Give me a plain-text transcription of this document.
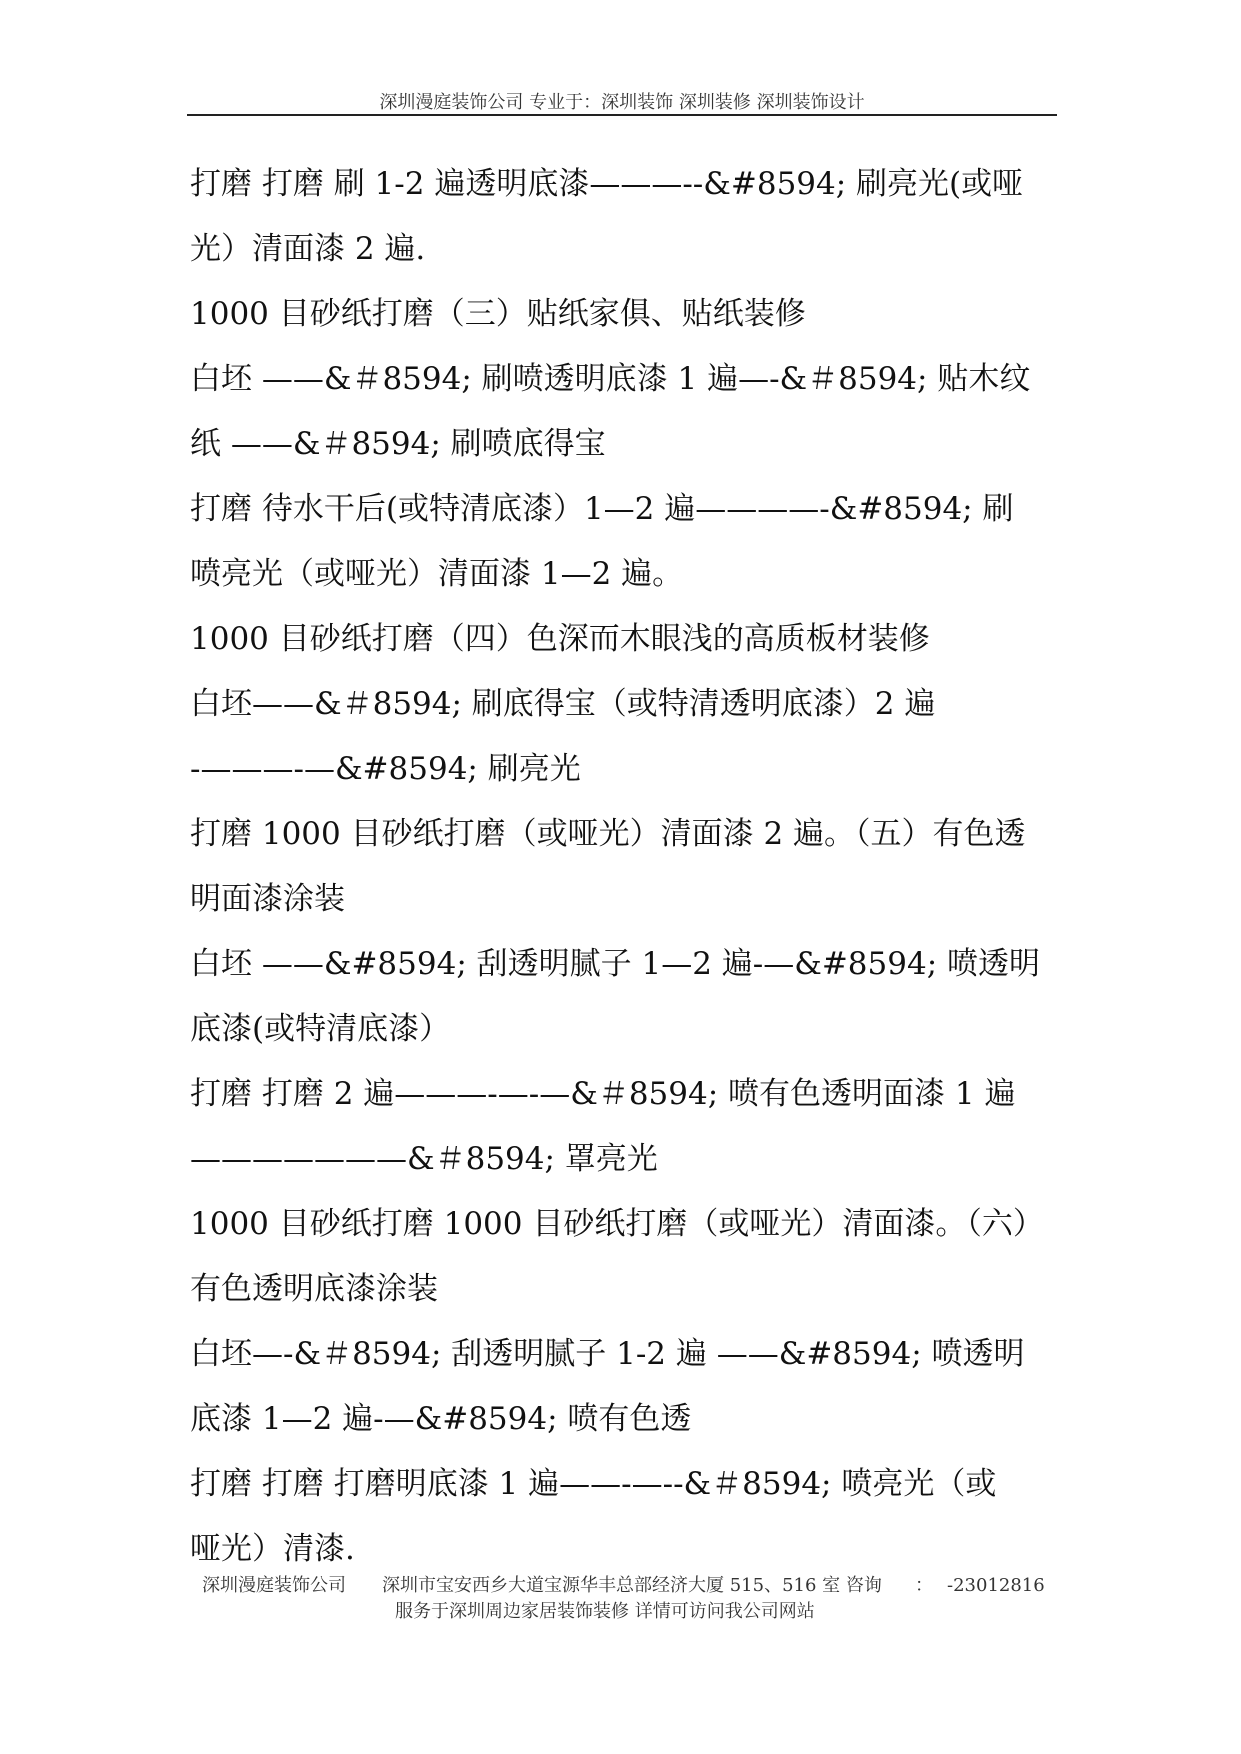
深圳漫庭装饰公司 专业于：深圳装饰 深圳装修 深圳装饰设计
打磨 打磨 刷 1-2 遍透明底漆———--&#8594; 刷亮光(或哑
光）清面漆 2 遍.
1000 目砂纸打磨（三）贴纸家俱、贴纸装修
白坯 ——&＃8594; 刷喷透明底漆 1 遍—-&＃8594; 贴木纹
纸 ——&＃8594; 刷喷底得宝
打磨 待水干后(或特清底漆）1—2 遍————-&#8594; 刷
喷亮光（或哑光）清面漆 1—2 遍。
1000 目砂纸打磨（四）色深而木眼浅的高质板材装修
白坯——&＃8594; 刷底得宝（或特清透明底漆）2 遍
-———-—&#8594; 刷亮光
打磨 1000 目砂纸打磨（或哑光）清面漆 2 遍。（五）有色透
明面漆涂装
白坯 ——&#8594; 刮透明腻子 1—2 遍-—&#8594; 喷透明
底漆(或特清底漆）
打磨 打磨 2 遍———-—-—&＃8594; 喷有色透明面漆 1 遍
———————&＃8594; 罩亮光
1000 目砂纸打磨 1000 目砂纸打磨（或哑光）清面漆。（六）
有色透明底漆涂装
白坯—-&＃8594; 刮透明腻子 1-2 遍 ——&#8594; 喷透明
底漆 1—2 遍-—&#8594; 喷有色透
打磨 打磨 打磨明底漆 1 遍——-—--&＃8594; 喷亮光（或
哑光）清漆.
深圳漫庭装饰公司 深圳市宝安西乡大道宝源华丰总部经济大厦 515、516 室 咨询 ： -23012816
服务于深圳周边家居装饰装修 详情可访问我公司网站
